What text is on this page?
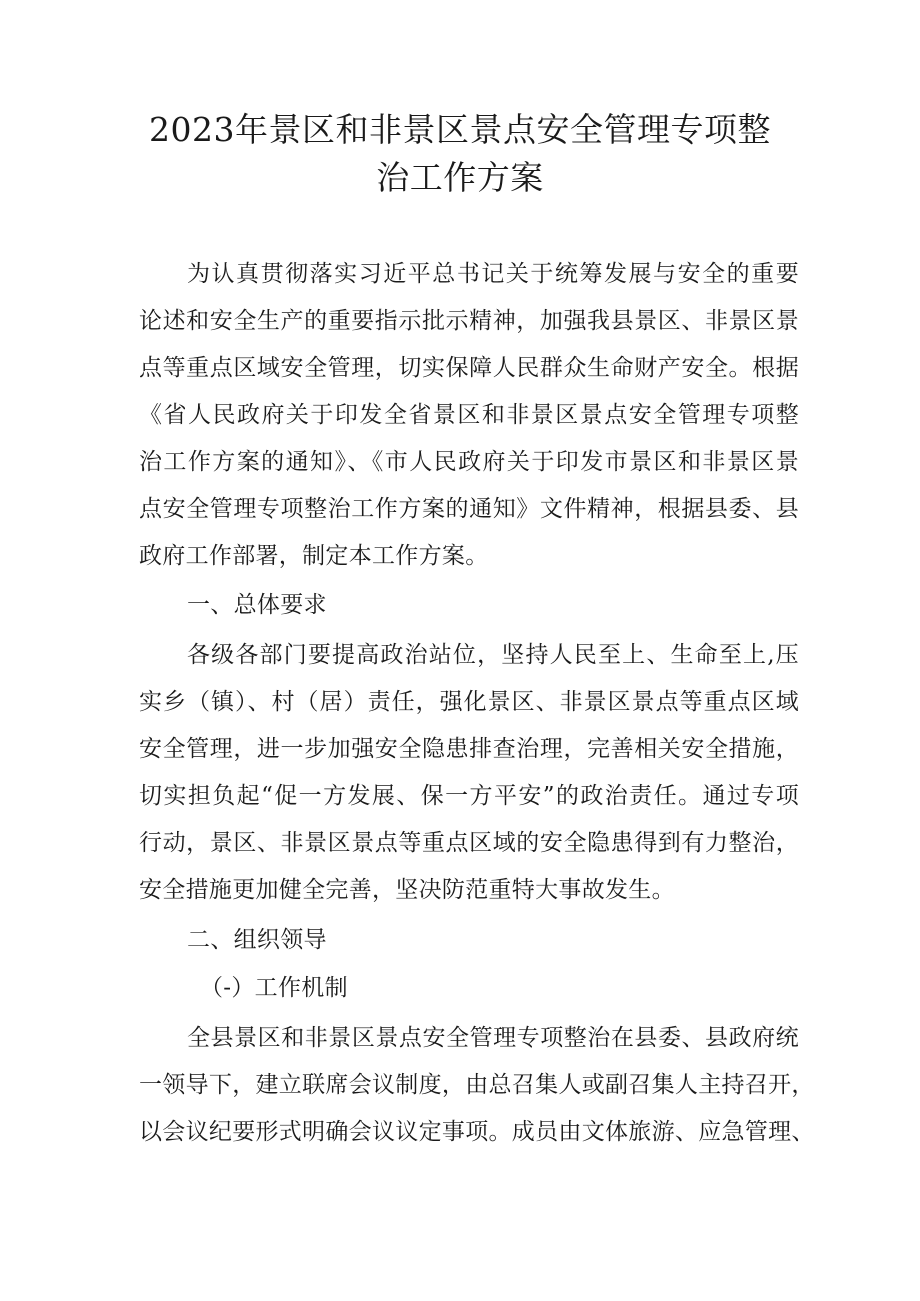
2023年景区和非景区景点安全管理专项整
治工作方案
为认真贯彻落实习近平总书记关于统筹发展与安全的重要
论述和安全生产的重要指示批示精神，加强我县景区、非景区景
点等重点区域安全管理，切实保障人民群众生命财产安全。根据
《省人民政府关于印发全省景区和非景区景点安全管理专项整
治工作方案的通知》、《市人民政府关于印发市景区和非景区景
点安全管理专项整治工作方案的通知》文件精神，根据县委、县
政府工作部署，制定本工作方案。
一、总体要求
各级各部门要提高政治站位，坚持人民至上、生命至上,压
实乡（镇）、村（居）责任，强化景区、非景区景点等重点区域
安全管理，进一步加强安全隐患排查治理，完善相关安全措施，
切实担负起“促一方发展、保一方平安”的政治责任。通过专项
行动，景区、非景区景点等重点区域的安全隐患得到有力整治，
安全措施更加健全完善，坚决防范重特大事故发生。
二、组织领导
（-）工作机制
全县景区和非景区景点安全管理专项整治在县委、县政府统
一领导下，建立联席会议制度，由总召集人或副召集人主持召开，
以会议纪要形式明确会议议定事项。成员由文体旅游、应急管理、
